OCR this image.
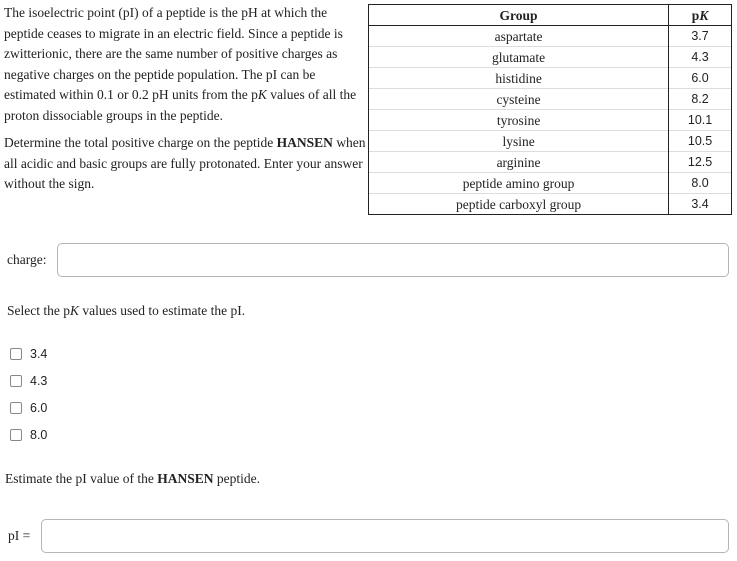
The isoelectric point (pI) of a peptide is the pH at which the peptide ceases to migrate in an electric field. Since a peptide is zwitterionic, there are the same number of positive charges as negative charges on the peptide population. The pI can be estimated within 0.1 or 0.2 pH units from the pK values of all the proton dissociable groups in the peptide.

Determine the total positive charge on the peptide HANSEN when all acidic and basic groups are fully protonated. Enter your answer without the sign.

Group	pK
aspartate	3.7
glutamate	4.3
histidine	6.0
cysteine	8.2
tyrosine	10.1
lysine	10.5
arginine	12.5
peptide amino group	8.0
peptide carboxyl group	3.4
charge:
Select the pK values used to estimate the pI.
3.4
4.3
6.0
8.0
Estimate the pI value of the HANSEN peptide.
pI =
